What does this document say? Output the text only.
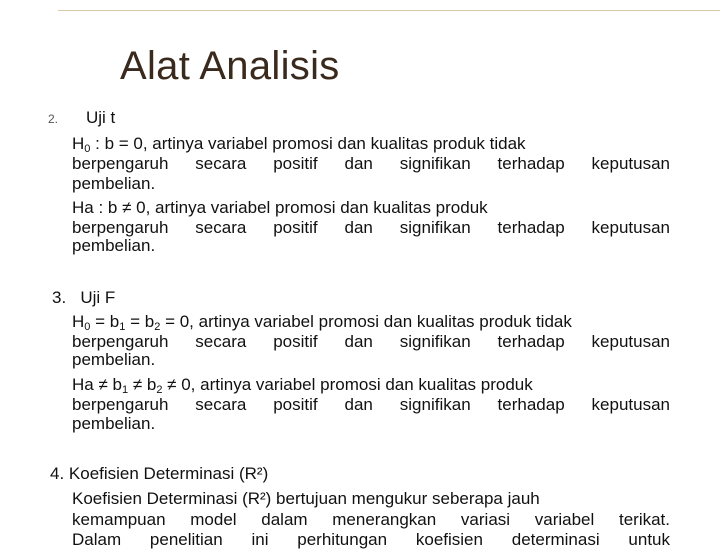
Alat Analisis
2. Uji t
$H_0$ : b = 0, artinya variabel promosi dan kualitas produk tidak
berpengaruh secara positif dan signifikan terhadap keputusan
pembelian.
Ha : b ≠ 0, artinya variabel promosi dan kualitas produk
berpengaruh secara positif dan signifikan terhadap keputusan
pembelian.
3.   Uji F
$H_0 = b_1 = b_2 = 0$, artinya variabel promosi dan kualitas produk tidak
berpengaruh secara positif dan signifikan terhadap keputusan
pembelian.
$Ha \ne b_1 \ne b_2 \ne 0$, artinya variabel promosi dan kualitas produk
berpengaruh secara positif dan signifikan terhadap keputusan
pembelian.
4. Koefisien Determinasi (R²)
Koefisien Determinasi (R²) bertujuan mengukur seberapa jauh
kemampuan model dalam menerangkan variasi variabel terikat.
Dalam penelitian ini perhitungan koefisien determinasi untuk
